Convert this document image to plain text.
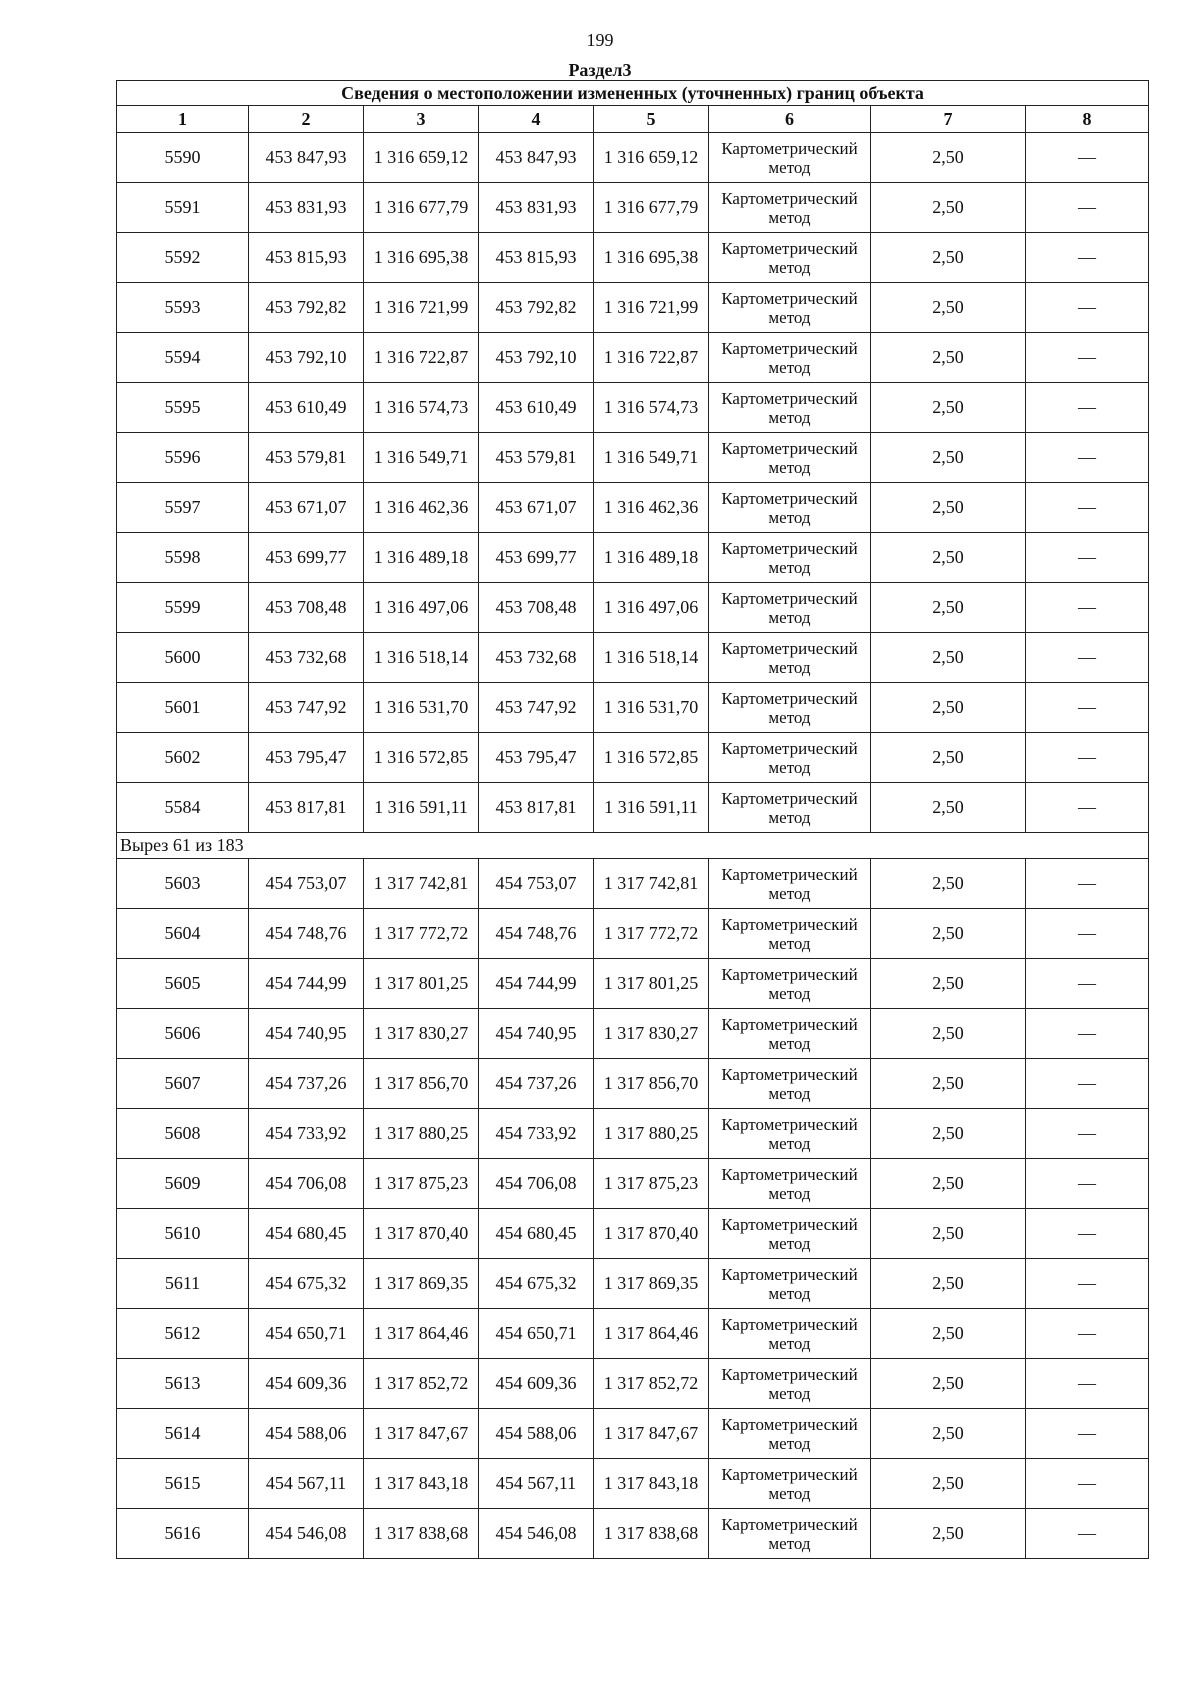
199
Раздел3
Сведения о местоположении измененных (уточненных) границ объекта							
1	2	3	4	5	6	7	8
5590	453 847,93	1 316 659,12	453 847,93	1 316 659,12	Картометрический метод	2,50	—
5591	453 831,93	1 316 677,79	453 831,93	1 316 677,79	Картометрический метод	2,50	—
5592	453 815,93	1 316 695,38	453 815,93	1 316 695,38	Картометрический метод	2,50	—
5593	453 792,82	1 316 721,99	453 792,82	1 316 721,99	Картометрический метод	2,50	—
5594	453 792,10	1 316 722,87	453 792,10	1 316 722,87	Картометрический метод	2,50	—
5595	453 610,49	1 316 574,73	453 610,49	1 316 574,73	Картометрический метод	2,50	—
5596	453 579,81	1 316 549,71	453 579,81	1 316 549,71	Картометрический метод	2,50	—
5597	453 671,07	1 316 462,36	453 671,07	1 316 462,36	Картометрический метод	2,50	—
5598	453 699,77	1 316 489,18	453 699,77	1 316 489,18	Картометрический метод	2,50	—
5599	453 708,48	1 316 497,06	453 708,48	1 316 497,06	Картометрический метод	2,50	—
5600	453 732,68	1 316 518,14	453 732,68	1 316 518,14	Картометрический метод	2,50	—
5601	453 747,92	1 316 531,70	453 747,92	1 316 531,70	Картометрический метод	2,50	—
5602	453 795,47	1 316 572,85	453 795,47	1 316 572,85	Картометрический метод	2,50	—
5584	453 817,81	1 316 591,11	453 817,81	1 316 591,11	Картометрический метод	2,50	—
Вырез 61 из 183							
5603	454 753,07	1 317 742,81	454 753,07	1 317 742,81	Картометрический метод	2,50	—
5604	454 748,76	1 317 772,72	454 748,76	1 317 772,72	Картометрический метод	2,50	—
5605	454 744,99	1 317 801,25	454 744,99	1 317 801,25	Картометрический метод	2,50	—
5606	454 740,95	1 317 830,27	454 740,95	1 317 830,27	Картометрический метод	2,50	—
5607	454 737,26	1 317 856,70	454 737,26	1 317 856,70	Картометрический метод	2,50	—
5608	454 733,92	1 317 880,25	454 733,92	1 317 880,25	Картометрический метод	2,50	—
5609	454 706,08	1 317 875,23	454 706,08	1 317 875,23	Картометрический метод	2,50	—
5610	454 680,45	1 317 870,40	454 680,45	1 317 870,40	Картометрический метод	2,50	—
5611	454 675,32	1 317 869,35	454 675,32	1 317 869,35	Картометрический метод	2,50	—
5612	454 650,71	1 317 864,46	454 650,71	1 317 864,46	Картометрический метод	2,50	—
5613	454 609,36	1 317 852,72	454 609,36	1 317 852,72	Картометрический метод	2,50	—
5614	454 588,06	1 317 847,67	454 588,06	1 317 847,67	Картометрический метод	2,50	—
5615	454 567,11	1 317 843,18	454 567,11	1 317 843,18	Картометрический метод	2,50	—
5616	454 546,08	1 317 838,68	454 546,08	1 317 838,68	Картометрический метод	2,50	—
